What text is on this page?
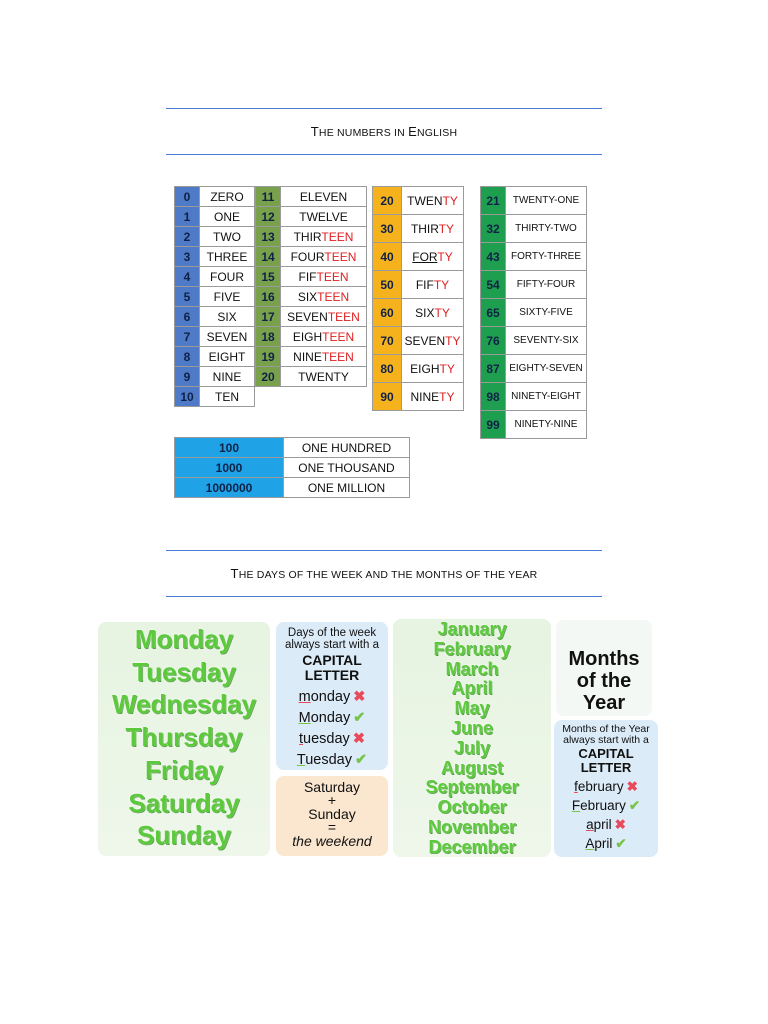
THE NUMBERS IN ENGLISH
0	ZERO
1	ONE
2	TWO
3	THREE
4	FOUR
5	FIVE
6	SIX
7	SEVEN
8	EIGHT
9	NINE
10	TEN
11	ELEVEN
12	TWELVE
13	THIRTEEN
14	FOURTEEN
15	FIFTEEN
16	SIXTEEN
17	SEVENTEEN
18	EIGHTEEN
19	NINETEEN
20	TWENTY
20	TWENTY
30	THIRTY
40	FORTY
50	FIFTY
60	SIXTY
70	SEVENTY
80	EIGHTY
90	NINETY
21	TWENTY-ONE
32	THIRTY-TWO
43	FORTY-THREE
54	FIFTY-FOUR
65	SIXTY-FIVE
76	SEVENTY-SIX
87	EIGHTY-SEVEN
98	NINETY-EIGHT
99	NINETY-NINE
100	ONE HUNDRED
1000	ONE THOUSAND
1000000	ONE MILLION
THE DAYS OF THE WEEK AND THE MONTHS OF THE YEAR
Monday
Tuesday
Wednesday
Thursday
Friday
Saturday
Sunday
Days of the week
always start with a
CAPITAL
LETTER
monday ✖
Monday ✔
tuesday ✖
Tuesday ✔
Saturday
+
Sunday
=
the weekend
January
February
March
April
May
June
July
August
September
October
November
December
Months
of the
Year
Months of the Year
always start with a
CAPITAL
LETTER
february ✖
February ✔
april ✖
April ✔
